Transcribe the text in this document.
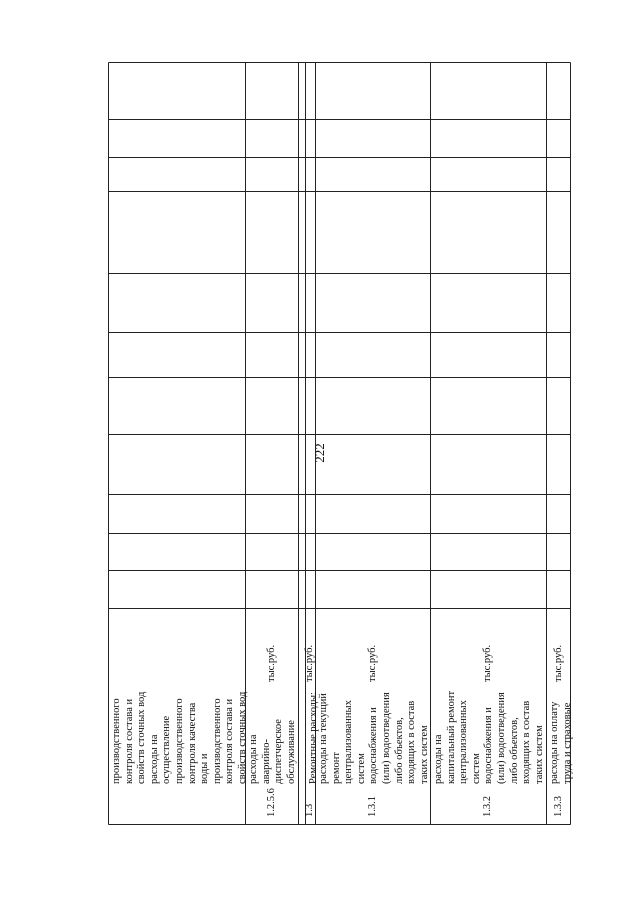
222
производственного контроля состава и свойств сточных вод расходы на осуществление производственного контроля качества воды и производственного контроля состава и свойств сточных вод
1.2.5.6
расходы на аварийно- диспетчерское обслуживание
тыс.руб.
1.3
Ремонтные расходы:
тыс.руб.
1.3.1
расходы на текущий ремонт централизованных систем водоснабжения и (или) водоотведения либо объектов, входящих в состав таких систем
тыс.руб.
1.3.2
расходы на капитальный ремонт централизованных систем водоснабжения и (или) водоотведения либо объектов, входящих в состав таких систем
тыс.руб.
1.3.3
расходы на оплату труда и страховые
тыс.руб.
